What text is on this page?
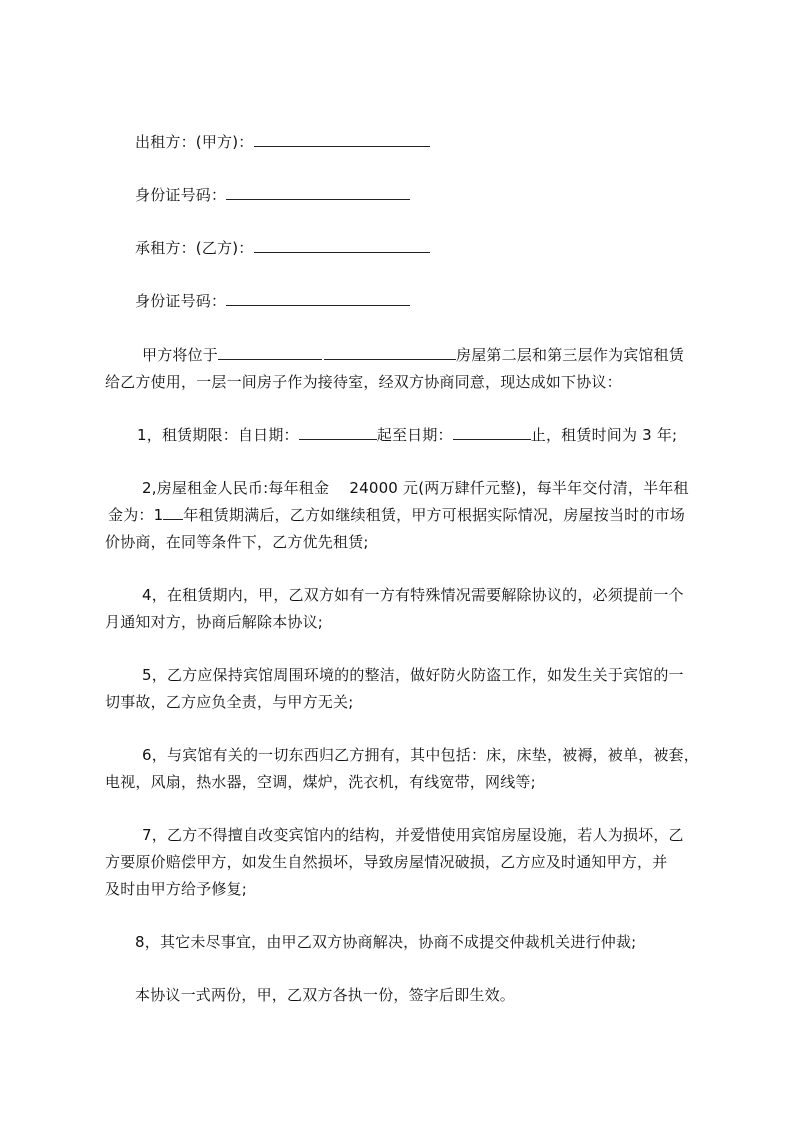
出租方：(甲方)：
身份证号码：
承租方：(乙方)：
身份证号码：
甲方将位于	房屋第二层和第三层作为宾馆租赁
给乙方使用，一层一间房子作为接待室，经双方协商同意，现达成如下协议：
1，租赁期限：自日期：	起至日期：	止，租赁时间为 3 年;
2,房屋租金人民币:每年租金　 24000 元(两万肆仟元整)，每半年交付清，半年租
金为：1 年租赁期满后，乙方如继续租赁，甲方可根据实际情况，房屋按当时的市场
价协商，在同等条件下，乙方优先租赁;
4，在租赁期内，甲，乙双方如有一方有特殊情况需要解除协议的，必须提前一个
月通知对方，协商后解除本协议;
5，乙方应保持宾馆周围环境的的整洁，做好防火防盗工作，如发生关于宾馆的一
切事故，乙方应负全责，与甲方无关;
6，与宾馆有关的一切东西归乙方拥有，其中包括：床，床垫，被褥，被单，被套，
电视，风扇，热水器，空调，煤炉，洗衣机，有线宽带，网线等;
7，乙方不得擅自改变宾馆内的结构，并爱惜使用宾馆房屋设施，若人为损坏，乙
方要原价赔偿甲方，如发生自然损坏，导致房屋情况破损，乙方应及时通知甲方，并
及时由甲方给予修复;
8，其它未尽事宜，由甲乙双方协商解决，协商不成提交仲裁机关进行仲裁;
本协议一式两份，甲，乙双方各执一份，签字后即生效。
